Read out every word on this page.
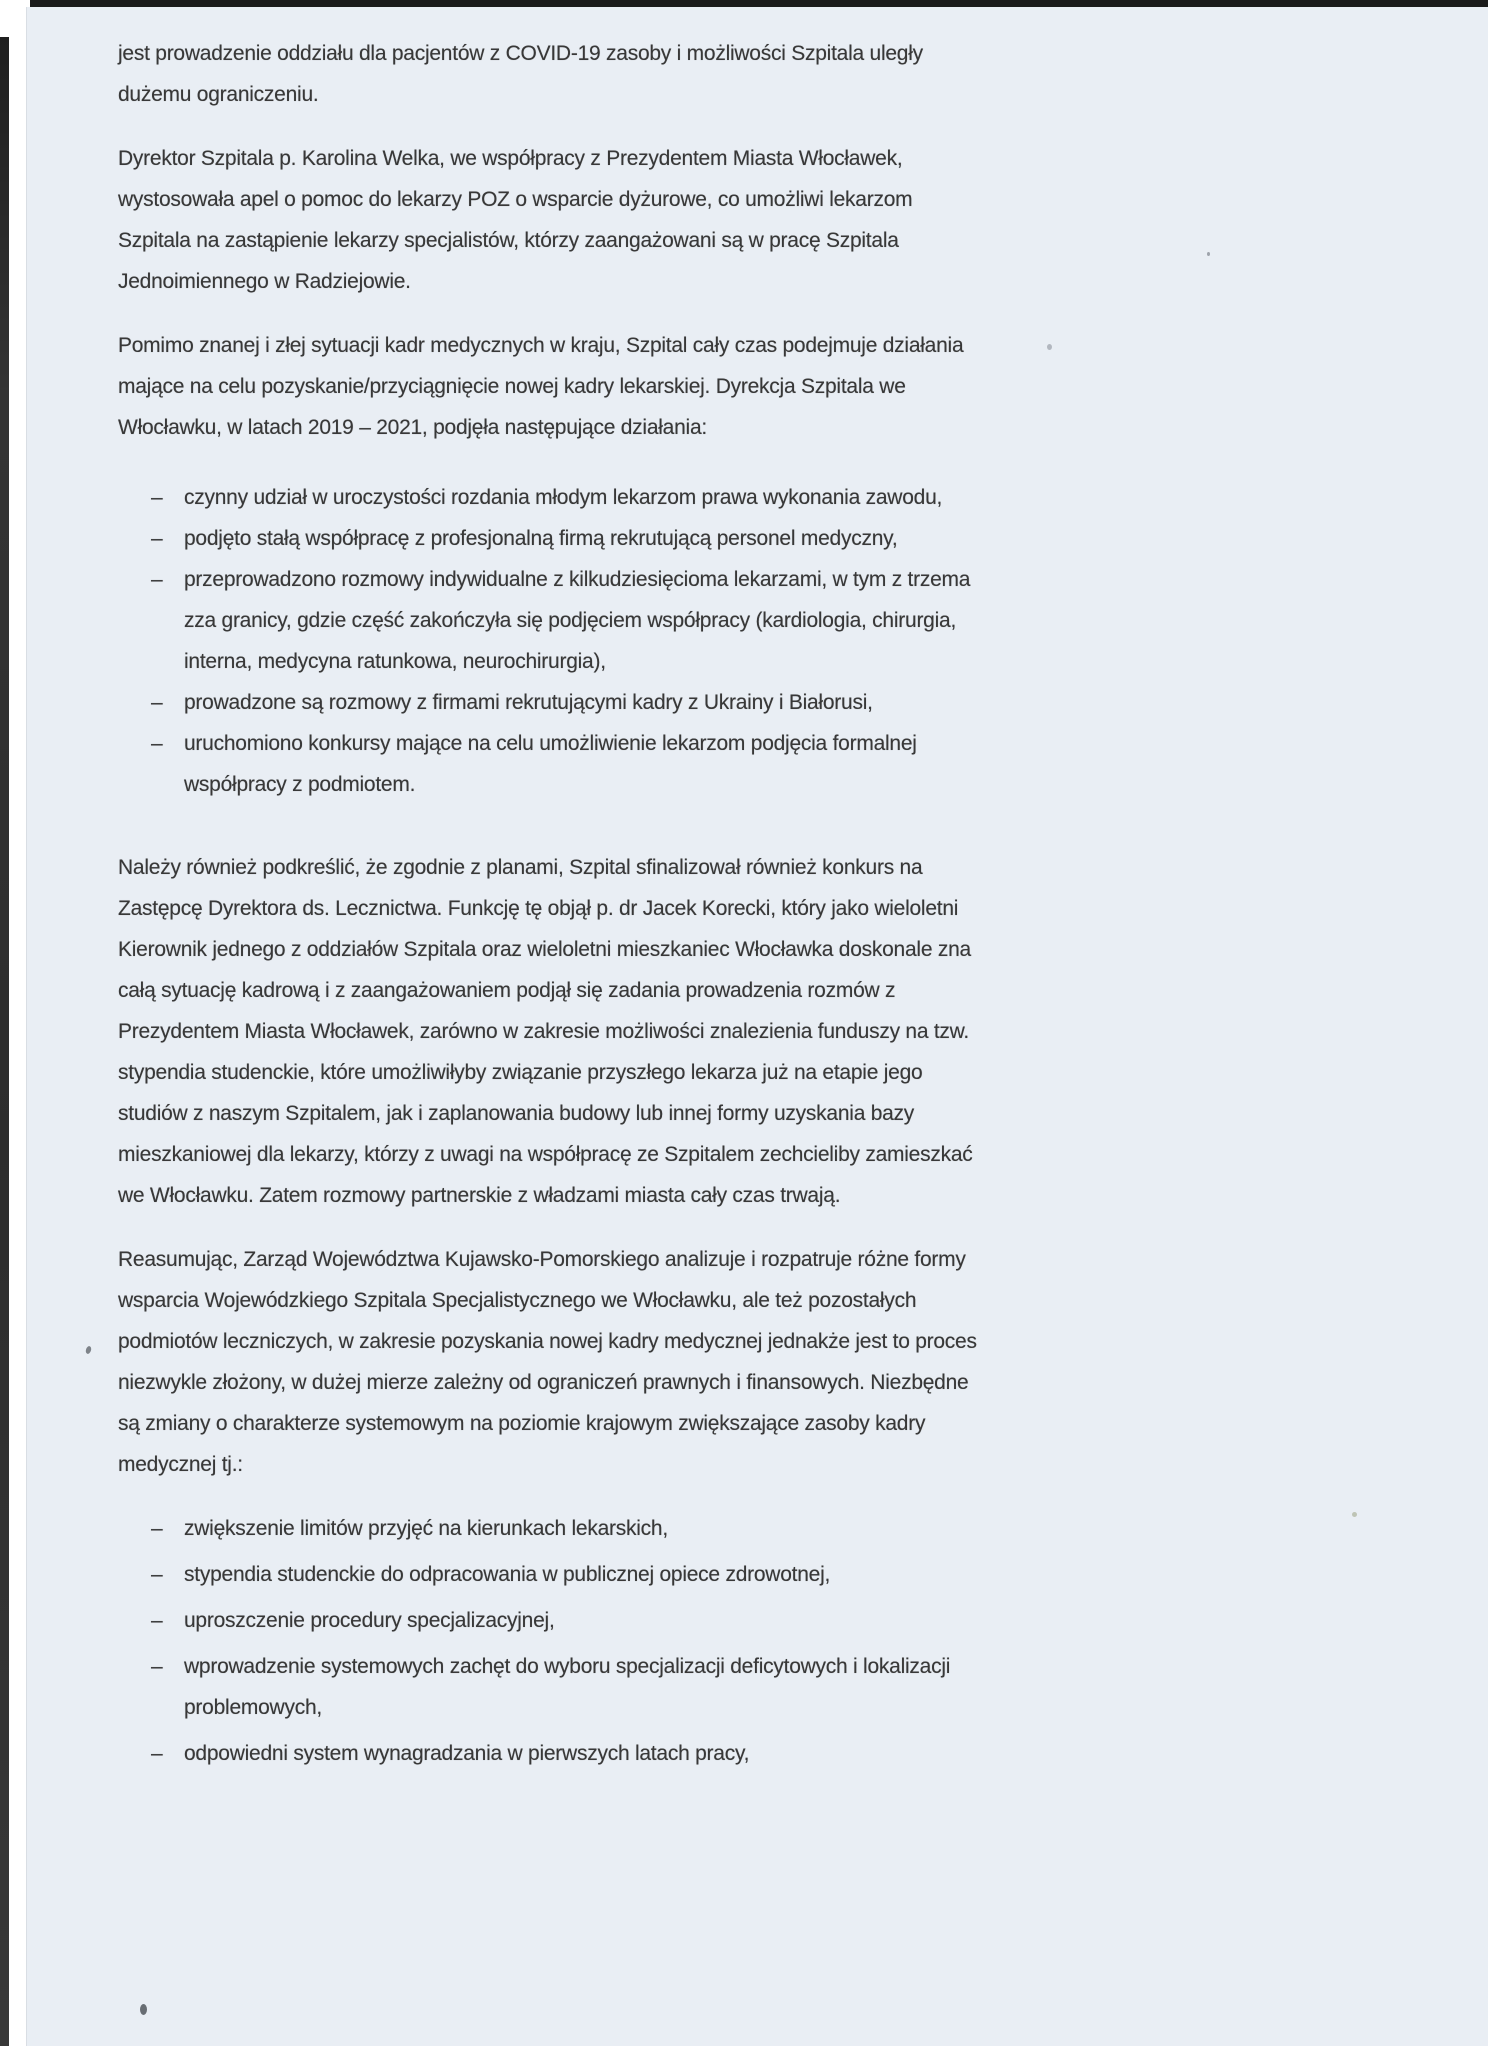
jest prowadzenie oddziału dla pacjentów z COVID-19 zasoby i możliwości Szpitala uległy dużemu ograniczeniu.

Dyrektor Szpitala p. Karolina Welka, we współpracy z Prezydentem Miasta Włocławek, wystosowała apel o pomoc do lekarzy POZ o wsparcie dyżurowe, co umożliwi lekarzom Szpitala na zastąpienie lekarzy specjalistów, którzy zaangażowani są w pracę Szpitala Jednoimiennego w Radziejowie.

Pomimo znanej i złej sytuacji kadr medycznych w kraju, Szpital cały czas podejmuje działania mające na celu pozyskanie/przyciągnięcie nowej kadry lekarskiej. Dyrekcja Szpitala we Włocławku, w latach 2019 – 2021, podjęła następujące działania:

– czynny udział w uroczystości rozdania młodym lekarzom prawa wykonania zawodu,
– podjęto stałą współpracę z profesjonalną firmą rekrutującą personel medyczny,
– przeprowadzono rozmowy indywidualne z kilkudziesięcioma lekarzami, w tym z trzema zza granicy, gdzie część zakończyła się podjęciem współpracy (kardiologia, chirurgia, interna, medycyna ratunkowa, neurochirurgia),
– prowadzone są rozmowy z firmami rekrutującymi kadry z Ukrainy i Białorusi,
– uruchomiono konkursy mające na celu umożliwienie lekarzom podjęcia formalnej współpracy z podmiotem.

Należy również podkreślić, że zgodnie z planami, Szpital sfinalizował również konkurs na Zastępcę Dyrektora ds. Lecznictwa. Funkcję tę objął p. dr Jacek Korecki, który jako wieloletni Kierownik jednego z oddziałów Szpitala oraz wieloletni mieszkaniec Włocławka doskonale zna całą sytuację kadrową i z zaangażowaniem podjął się zadania prowadzenia rozmów z Prezydentem Miasta Włocławek, zarówno w zakresie możliwości znalezienia funduszy na tzw. stypendia studenckie, które umożliwiłyby związanie przyszłego lekarza już na etapie jego studiów z naszym Szpitalem, jak i zaplanowania budowy lub innej formy uzyskania bazy mieszkaniowej dla lekarzy, którzy z uwagi na współpracę ze Szpitalem zechcieliby zamieszkać we Włocławku. Zatem rozmowy partnerskie z władzami miasta cały czas trwają.

Reasumując, Zarząd Województwa Kujawsko-Pomorskiego analizuje i rozpatruje różne formy wsparcia Wojewódzkiego Szpitala Specjalistycznego we Włocławku, ale też pozostałych podmiotów leczniczych, w zakresie pozyskania nowej kadry medycznej jednakże jest to proces niezwykle złożony, w dużej mierze zależny od ograniczeń prawnych i finansowych. Niezbędne są zmiany o charakterze systemowym na poziomie krajowym zwiększające zasoby kadry medycznej tj.:

– zwiększenie limitów przyjęć na kierunkach lekarskich,
– stypendia studenckie do odpracowania w publicznej opiece zdrowotnej,
– uproszczenie procedury specjalizacyjnej,
– wprowadzenie systemowych zachęt do wyboru specjalizacji deficytowych i lokalizacji problemowych,
– odpowiedni system wynagradzania w pierwszych latach pracy,
